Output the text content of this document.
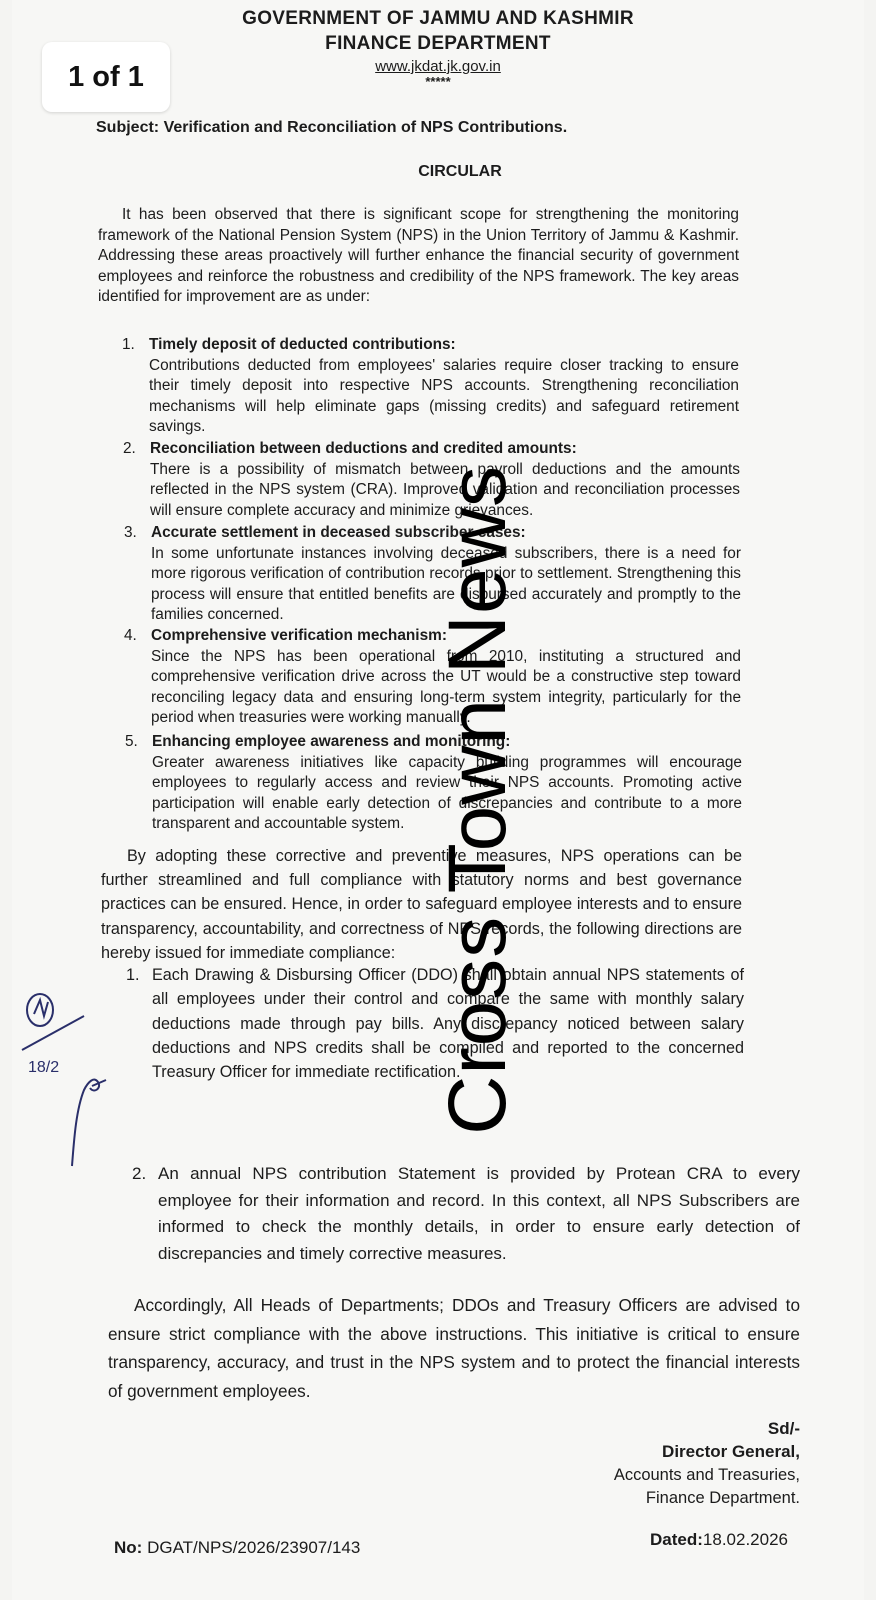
GOVERNMENT OF JAMMU AND KASHMIR
FINANCE DEPARTMENT
www.jkdat.jk.gov.in
*****
1 of 1
Subject: Verification and Reconciliation of NPS Contributions.
CIRCULAR
It has been observed that there is significant scope for strengthening the monitoring framework of the National Pension System (NPS) in the Union Territory of Jammu & Kashmir. Addressing these areas proactively will further enhance the financial security of government employees and reinforce the robustness and credibility of the NPS framework. The key areas identified for improvement are as under:
1. Timely deposit of deducted contributions:
Contributions deducted from employees' salaries require closer tracking to ensure their timely deposit into respective NPS accounts. Strengthening reconciliation mechanisms will help eliminate gaps (missing credits) and safeguard retirement savings.
2. Reconciliation between deductions and credited amounts:
There is a possibility of mismatch between payroll deductions and the amounts reflected in the NPS system (CRA). Improved validation and reconciliation processes will ensure complete accuracy and minimize grievances.
3. Accurate settlement in deceased subscriber cases:
In some unfortunate instances involving deceased subscribers, there is a need for more rigorous verification of contribution records prior to settlement. Strengthening this process will ensure that entitled benefits are disbursed accurately and promptly to the families concerned.
4. Comprehensive verification mechanism:
Since the NPS has been operational from 2010, instituting a structured and comprehensive verification drive across the UT would be a constructive step toward reconciling legacy data and ensuring long-term system integrity, particularly for the period when treasuries were working manually.
5. Enhancing employee awareness and monitoring:
Greater awareness initiatives like capacity building programmes will encourage employees to regularly access and review their NPS accounts. Promoting active participation will enable early detection of discrepancies and contribute to a more transparent and accountable system.
By adopting these corrective and preventive measures, NPS operations can be further streamlined and full compliance with statutory norms and best governance practices can be ensured. Hence, in order to safeguard employee interests and to ensure transparency, accountability, and correctness of NPS records, the following directions are hereby issued for immediate compliance:
1. Each Drawing & Disbursing Officer (DDO) shall obtain annual NPS statements of all employees under their control and compare the same with monthly salary deductions made through pay bills. Any discrepancy noticed between salary deductions and NPS credits shall be compiled and reported to the concerned Treasury Officer for immediate rectification.
2. An annual NPS contribution Statement is provided by Protean CRA to every employee for their information and record. In this context, all NPS Subscribers are informed to check the monthly details, in order to ensure early detection of discrepancies and timely corrective measures.
Accordingly, All Heads of Departments; DDOs and Treasury Officers are advised to ensure strict compliance with the above instructions. This initiative is critical to ensure transparency, accuracy, and trust in the NPS system and to protect the financial interests of government employees.
Sd/-
Director General,
Accounts and Treasuries,
Finance Department.
No: DGAT/NPS/2026/23907/143	Dated:18.02.2026
18/2	Cross Town News
